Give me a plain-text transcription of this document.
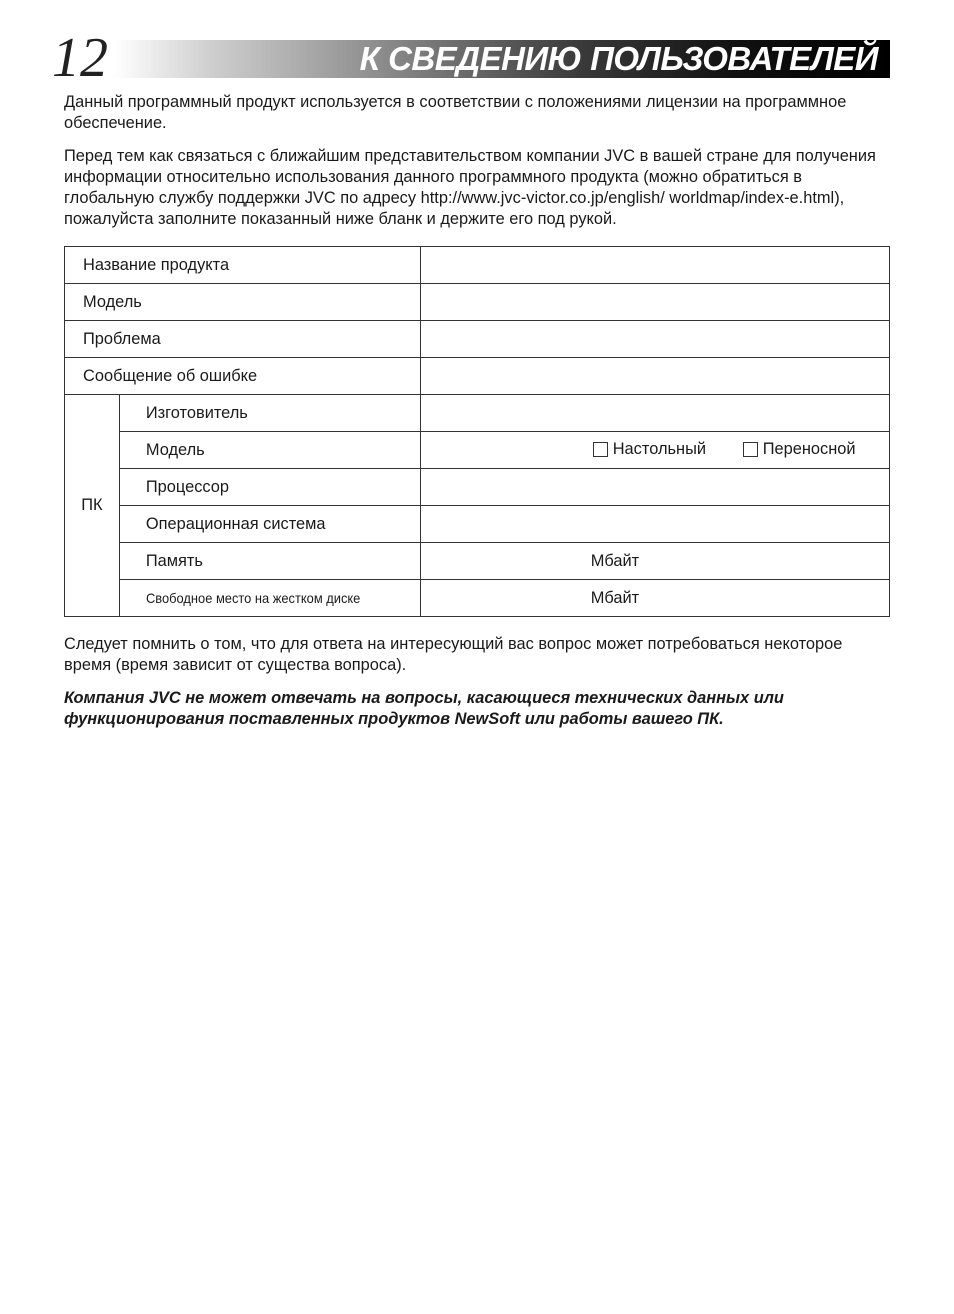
12	К СВЕДЕНИЮ ПОЛЬЗОВАТЕЛЕЙ
Данный программный продукт используется в соответствии с положениями лицензии на программное обеспечение.
Перед тем как связаться с ближайшим представительством компании JVC в вашей стране для получения информации относительно использования данного программного продукта (можно обратиться в глобальную службу поддержки JVC по адресу http://www.jvc-victor.co.jp/english/ worldmap/index-e.html), пожалуйста заполните показанный ниже бланк и держите его под рукой.
Название продукта		
Модель		
Проблема		
Сообщение об ошибке		
ПК	Изготовитель	
	Модель	Настольный Переносной

	Процессор	
	Операционная система	
	Память	Мбайт

	Свободное место на жестком диске	Мбайт
Следует помнить о том, что для ответа на интересующий вас вопрос может потребоваться некоторое время (время зависит от существа вопроса).
Компания JVC не может отвечать на вопросы, касающиеся технических данных или функционирования поставленных продуктов NewSoft или работы вашего ПК.
